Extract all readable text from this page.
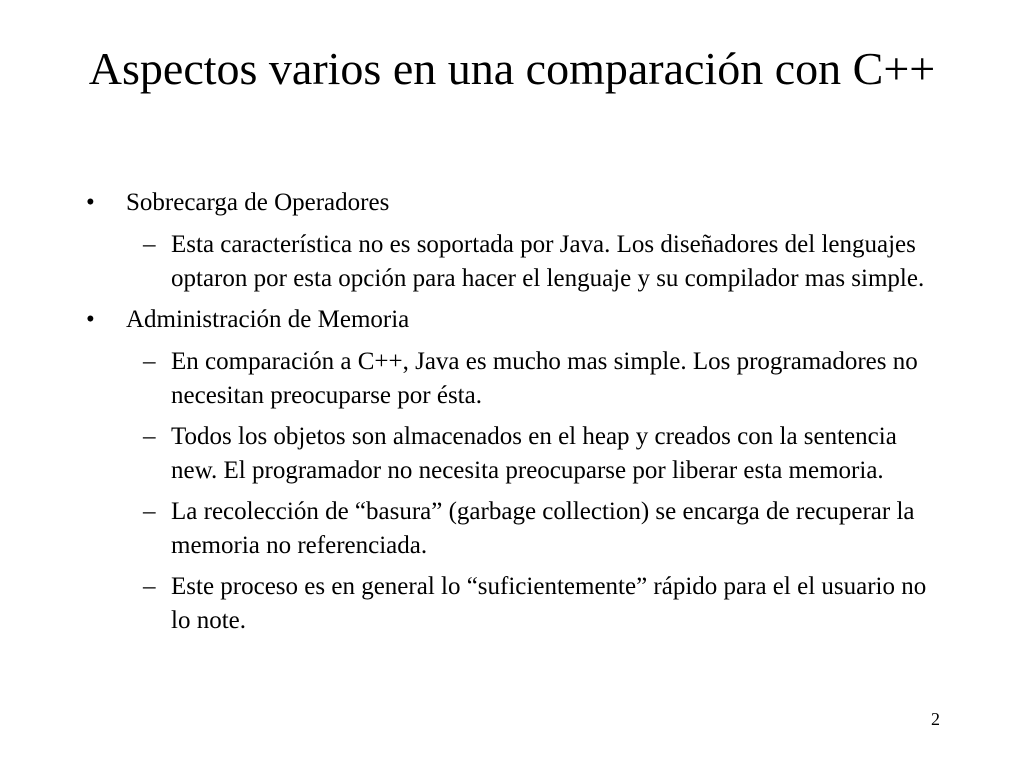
Aspectos varios en una comparación con C++

• Sobrecarga de Operadores

– Esta característica no es soportada por Java. Los diseñadores del lenguajes optaron por esta opción para hacer el lenguaje y su compilador mas simple.

• Administración de Memoria

– En comparación a C++, Java es mucho mas simple. Los programadores no necesitan preocuparse por ésta.

– Todos los objetos son almacenados en el heap y creados con la sentencia new. El programador no necesita preocuparse por liberar esta memoria.

– La recolección de “basura” (garbage collection) se encarga de recuperar la memoria no referenciada.

– Este proceso es en general lo “suficientemente” rápido para el el usuario no lo note.

2
